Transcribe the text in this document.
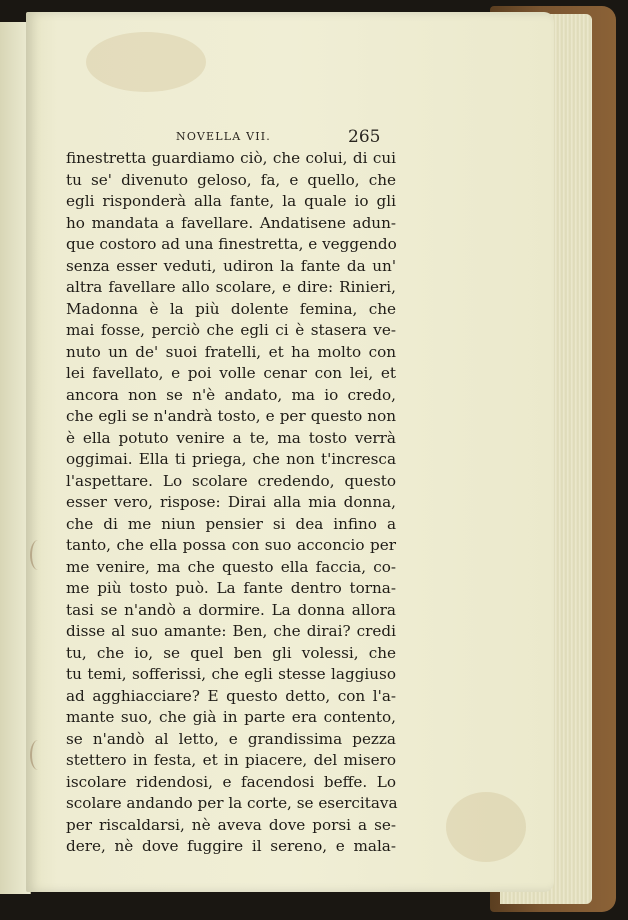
NOVELLA VII.	265
finestretta guardiamo ciò, che colui, di cui
tu se' divenuto geloso, fa, e quello, che
egli risponderà alla fante, la quale io gli
ho mandata a favellare. Andatisene adun-
que costoro ad una finestretta, e veggendo
senza esser veduti, udiron la fante da un'
altra favellare allo scolare, e dire: Rinieri,
Madonna è la più dolente femina, che
mai fosse, perciò che egli ci è stasera ve-
nuto un de' suoi fratelli, et ha molto con
lei favellato, e poi volle cenar con lei, et
ancora non se n'è andato, ma io credo,
che egli se n'andrà tosto, e per questo non
è ella potuto venire a te, ma tosto verrà
oggimai. Ella ti priega, che non t'incresca
l'aspettare. Lo scolare credendo, questo
esser vero, rispose: Dirai alla mia donna,
che di me niun pensier si dea infino a
tanto, che ella possa con suo acconcio per
me venire, ma che questo ella faccia, co-
me più tosto può. La fante dentro torna-
tasi se n'andò a dormire. La donna allora
disse al suo amante: Ben, che dirai? credi
tu, che io, se quel ben gli volessi, che
tu temi, sofferissi, che egli stesse laggiuso
ad agghiacciare? E questo detto, con l'a-
mante suo, che già in parte era contento,
se n'andò al letto, e grandissima pezza
stettero in festa, et in piacere, del misero
iscolare ridendosi, e facendosi beffe. Lo
scolare andando per la corte, se esercitava
per riscaldarsi, nè aveva dove porsi a se-
dere, nè dove fuggire il sereno, e mala-
